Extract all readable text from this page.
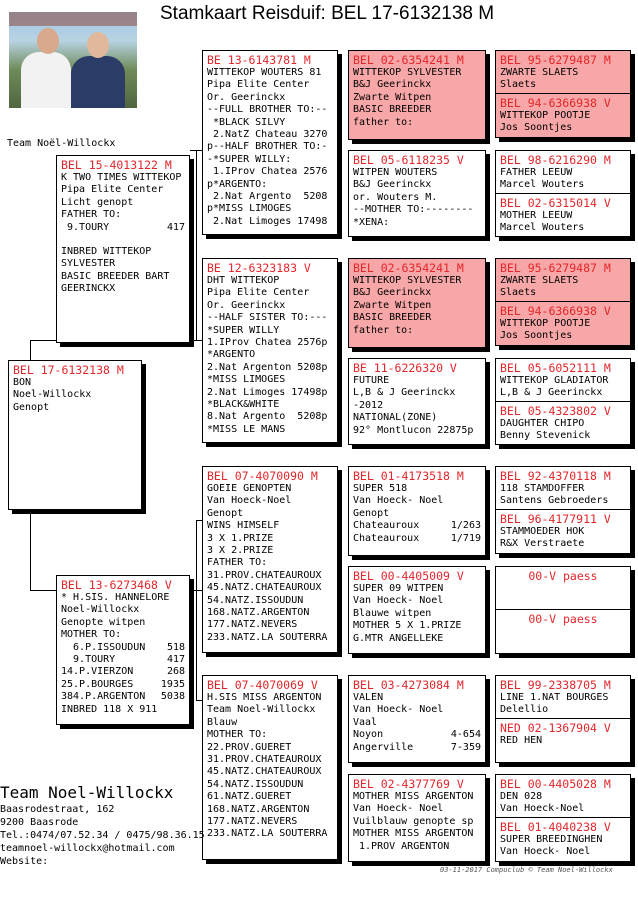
Stamkaart Reisduif: BEL 17-6132138 M
Team Noël-Willockx
BEL 17-6132138 M
BON
Noel-Willockx
Genopt
BEL 15-4013122 M
K TWO TIMES WITTEKOP
Pipa Elite Center
Licht genopt
FATHER TO:
9.TOURY	417
INBRED WITTEKOP
SYLVESTER
BASIC BREEDER BART
GEERINCKX
BEL 13-6273468 V
* H.SIS. HANNELORE
Noel-Willockx
Genopte witpen
MOTHER TO:
6.P.ISSOUDUN 518
9.TOURY	417
14.P.VIERZON	268
25.P.BOURGES	1935
384.P.ARGENTON 5038
INBRED 118 X 911
BE 13-6143781 M
WITTEKOP WOUTERS 81
Pipa Elite Center
Or. Geerinckx
--FULL BROTHER TO:--
*BLACK SILVY
2.NatZ Chateau 3270
p--HALF BROTHER TO:-
-*SUPER WILLY:
1.IProv Chatea 2576
p*ARGENTO:
2.Nat Argento  5208
p*MISS LIMOGES
2.Nat Limoges 17498
BE 12-6323183 V
DHT WITTEKOP
Pipa Elite Center
Or. Geerinckx
--HALF SISTER TO:---
*SUPER WILLY
1.IProv Chatea 2576p
*ARGENTO
2.Nat Argenton 5208p
*MISS LIMOGES
2.Nat Limoges 17498p
*BLACK&WHITE
8.Nat Argento  5208p
*MISS LE MANS
BEL 07-4070090 M
GOEIE GENOPTEN
Van Hoeck-Noel
Genopt
WINS HIMSELF
3 X 1.PRIZE
3 X 2.PRIZE
FATHER TO:
31.PROV.CHATEAUROUX
45.NATZ.CHATEAUROUX
54.NATZ.ISSOUDUN
168.NATZ.ARGENTON
177.NATZ.NEVERS
233.NATZ.LA SOUTERRA
BEL 07-4070069 V
H.SIS MISS ARGENTON
Team Noel-Willockx
Blauw
MOTHER TO:
22.PROV.GUERET
31.PROV.CHATEAUROUX
45.NATZ.CHATEAUROUX
54.NATZ.ISSOUDUN
61.NATZ.GUERET
168.NATZ.ARGENTON
177.NATZ.NEVERS
233.NATZ.LA SOUTERRA
BEL 02-6354241 M
WITTEKOP SYLVESTER
B&J Geerinckx
Zwarte Witpen
BASIC BREEDER
father to:
BEL 05-6118235 V
WITPEN WOUTERS
B&J Geerinckx
or. Wouters M.
--MOTHER TO:--------
*XENA:
BEL 02-6354241 M
WITTEKOP SYLVESTER
B&J Geerinckx
Zwarte Witpen
BASIC BREEDER
father to:
BE 11-6226320 V
FUTURE
L,B & J Geerinckx
-2012
NATIONAL(ZONE)
92° Montlucon 22875p
BEL 01-4173518 M
SUPER 518
Van Hoeck- Noel
Genopt
Chateauroux	1/263
Chateauroux	1/719
BEL 00-4405009 V
SUPER 09 WITPEN
Van Hoeck- Noel
Blauwe witpen
MOTHER 5 X 1.PRIZE
G.MTR ANGELLEKE
BEL 03-4273084 M
VALEN
Van Hoeck- Noel
Vaal
Noyon	4-654
Angerville	7-359
BEL 02-4377769 V
MOTHER MISS ARGENTON
Van Hoeck- Noel
Vuilblauw genopte sp
MOTHER MISS ARGENTON
1.PROV ARGENTON
BEL 95-6279487 M
ZWARTE SLAETS
Slaets
BEL 94-6366938 V
WITTEKOP POOTJE
Jos Soontjes
BEL 98-6216290 M
FATHER LEEUW
Marcel Wouters
BEL 02-6315014 V
MOTHER LEEUW
Marcel Wouters
BEL 95-6279487 M
ZWARTE SLAETS
Slaets
BEL 94-6366938 V
WITTEKOP POOTJE
Jos Soontjes
BEL 05-6052111 M
WITTEKOP GLADIATOR
L,B & J Geerinckx
BEL 05-4323802 V
DAUGHTER CHIPO
Benny Stevenick
BEL 92-4370118 M
118 STAMDOFFER
Santens Gebroeders
BEL 96-4177911 V
STAMMOEDER HOK
R&X Verstraete
00-V paess
00-V paess
BEL 99-2338705 M
LINE 1.NAT BOURGES
Delellio
NED 02-1367904 V
RED HEN
BEL 00-4405028 M
DEN 028
Van Hoeck-Noel
BEL 01-4040238 V
SUPER BREEDINGHEN
Van Hoeck- Noel
Team Noel-Willockx
Baasrodestraat, 162
9200 Baasrode
Tel.:0474/07.52.34 / 0475/98.36.15
teamnoel-willockx@hotmail.com
Website:
03-11-2017 Compuclub © Team Noel-Willockx
